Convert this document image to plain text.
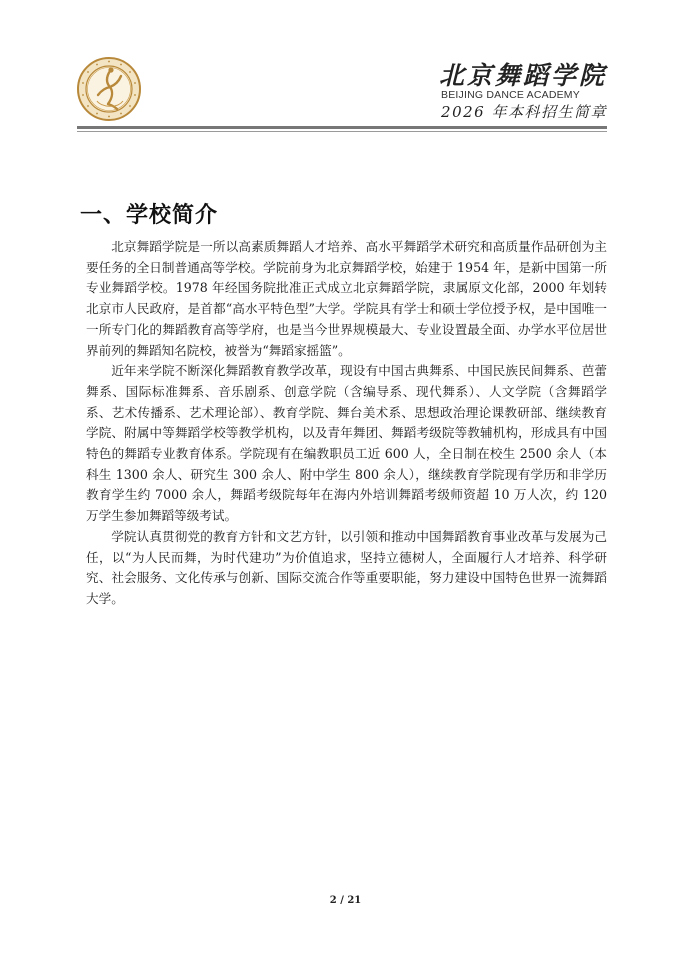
北京舞蹈学院
BEIJING DANCE ACADEMY
2026 年本科招生简章
一、学校简介

北京舞蹈学院是一所以高素质舞蹈人才培养、高水平舞蹈学术研究和高质量作品研创为主要任务的全日制普通高等学校。学院前身为北京舞蹈学校，始建于 1954 年，是新中国第一所专业舞蹈学校。1978 年经国务院批准正式成立北京舞蹈学院，隶属原文化部，2000 年划转北京市人民政府，是首都“高水平特色型”大学。学院具有学士和硕士学位授予权，是中国唯一一所专门化的舞蹈教育高等学府，也是当今世界规模最大、专业设置最全面、办学水平位居世界前列的舞蹈知名院校，被誉为“舞蹈家摇篮”。

近年来学院不断深化舞蹈教育教学改革，现设有中国古典舞系、中国民族民间舞系、芭蕾舞系、国际标准舞系、音乐剧系、创意学院（含编导系、现代舞系）、人文学院（含舞蹈学系、艺术传播系、艺术理论部）、教育学院、舞台美术系、思想政治理论课教研部、继续教育学院、附属中等舞蹈学校等教学机构，以及青年舞团、舞蹈考级院等教辅机构，形成具有中国特色的舞蹈专业教育体系。学院现有在编教职员工近 600 人，全日制在校生 2500 余人（本科生 1300 余人、研究生 300 余人、附中学生 800 余人），继续教育学院现有学历和非学历教育学生约 7000 余人，舞蹈考级院每年在海内外培训舞蹈考级师资超 10 万人次，约 120 万学生参加舞蹈等级考试。

学院认真贯彻党的教育方针和文艺方针，以引领和推动中国舞蹈教育事业改革与发展为己任，以“为人民而舞，为时代建功”为价值追求，坚持立德树人，全面履行人才培养、科学研究、社会服务、文化传承与创新、国际交流合作等重要职能，努力建设中国特色世界一流舞蹈大学。

2 / 21
